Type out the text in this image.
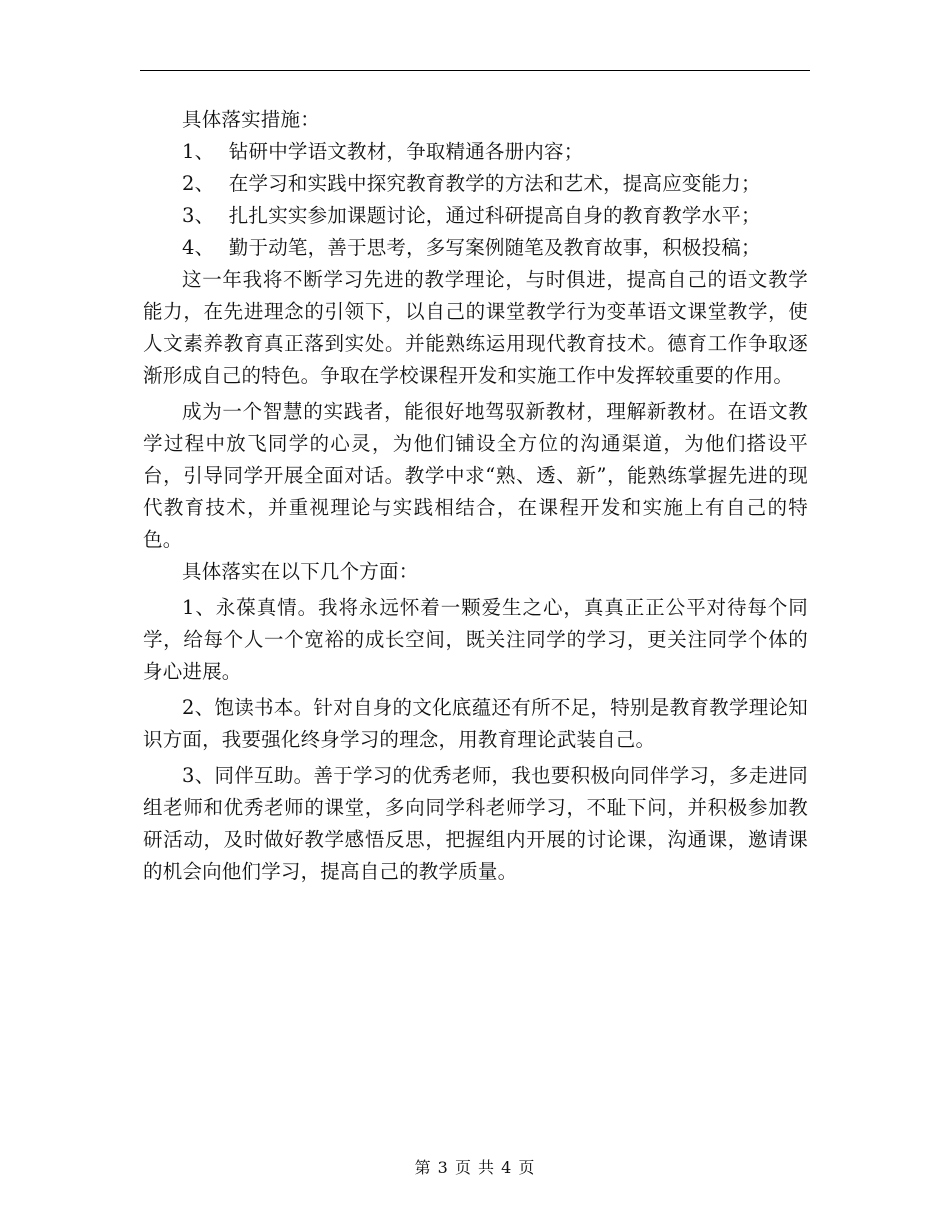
具体落实措施：

1、 钻研中学语文教材，争取精通各册内容；
2、 在学习和实践中探究教育教学的方法和艺术，提高应变能力；
3、 扎扎实实参加课题讨论，通过科研提高自身的教育教学水平；
4、 勤于动笔，善于思考，多写案例随笔及教育故事，积极投稿；

这一年我将不断学习先进的教学理论，与时俱进，提高自己的语文教学能力，在先进理念的引领下，以自己的课堂教学行为变革语文课堂教学，使人文素养教育真正落到实处。并能熟练运用现代教育技术。德育工作争取逐渐形成自己的特色。争取在学校课程开发和实施工作中发挥较重要的作用。

成为一个智慧的实践者，能很好地驾驭新教材，理解新教材。在语文教学过程中放飞同学的心灵，为他们铺设全方位的沟通渠道，为他们搭设平台，引导同学开展全面对话。教学中求“熟、透、新”，能熟练掌握先进的现代教育技术，并重视理论与实践相结合，在课程开发和实施上有自己的特色。

具体落实在以下几个方面：

1、永葆真情。我将永远怀着一颗爱生之心，真真正正公平对待每个同学，给每个人一个宽裕的成长空间，既关注同学的学习，更关注同学个体的身心进展。

2、饱读书本。针对自身的文化底蕴还有所不足，特别是教育教学理论知识方面，我要强化终身学习的理念，用教育理论武装自己。

3、同伴互助。善于学习的优秀老师，我也要积极向同伴学习，多走进同组老师和优秀老师的课堂，多向同学科老师学习，不耻下问，并积极参加教研活动，及时做好教学感悟反思，把握组内开展的讨论课，沟通课，邀请课的机会向他们学习，提高自己的教学质量。

第 3 页 共 4 页
